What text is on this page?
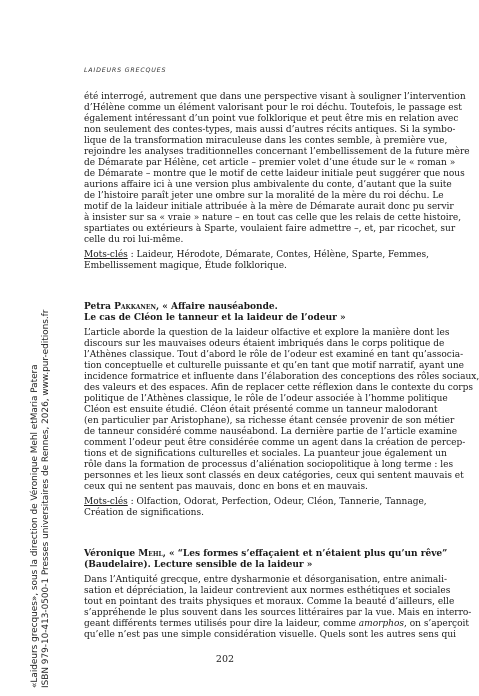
LAIDEURS GRECQUES
été interrogé, autrement que dans une perspective visant à souligner l’intervention
d’Hélène comme un élément valorisant pour le roi déchu. Toutefois, le passage est
également intéressant d’un point vue folklorique et peut être mis en relation avec
non seulement des contes-types, mais aussi d’autres récits antiques. Si la symbo-
lique de la transformation miraculeuse dans les contes semble, à première vue,
rejoindre les analyses traditionnelles concernant l’embellissement de la future mère
de Démarate par Hélène, cet article – premier volet d’une étude sur le « roman »
de Démarate – montre que le motif de cette laideur initiale peut suggérer que nous
aurions affaire ici à une version plus ambivalente du conte, d’autant que la suite
de l’histoire paraît jeter une ombre sur la moralité de la mère du roi déchu. Le
motif de la laideur initiale attribuée à la mère de Démarate aurait donc pu servir
à insister sur sa « vraie » nature – en tout cas celle que les relais de cette histoire,
spartiates ou extérieurs à Sparte, voulaient faire admettre –, et, par ricochet, sur
celle du roi lui-même.
Mots-clés : Laideur, Hérodote, Démarate, Contes, Hélène, Sparte, Femmes,
Embellissement magique, Étude folklorique.
Petra Pakkanen, « Affaire nauséabonde.
Le cas de Cléon le tanneur et la laideur de l’odeur »
L’article aborde la question de la laideur olfactive et explore la manière dont les
discours sur les mauvaises odeurs étaient imbriqués dans le corps politique de
l’Athènes classique. Tout d’abord le rôle de l’odeur est examiné en tant qu’associa-
tion conceptuelle et culturelle puissante et qu’en tant que motif narratif, ayant une
incidence formatrice et influente dans l’élaboration des conceptions des rôles sociaux,
des valeurs et des espaces. Afin de replacer cette réflexion dans le contexte du corps
politique de l’Athènes classique, le rôle de l’odeur associée à l’homme politique
Cléon est ensuite étudié. Cléon était présenté comme un tanneur malodorant
(en particulier par Aristophane), sa richesse étant censée provenir de son métier
de tanneur considéré comme nauséabond. La dernière partie de l’article examine
comment l’odeur peut être considérée comme un agent dans la création de percep-
tions et de significations culturelles et sociales. La puanteur joue également un
rôle dans la formation de processus d’aliénation sociopolitique à long terme : les
personnes et les lieux sont classés en deux catégories, ceux qui sentent mauvais et
ceux qui ne sentent pas mauvais, donc en bons et en mauvais.
Mots-clés : Olfaction, Odorat, Perfection, Odeur, Cléon, Tannerie, Tannage,
Création de significations.
Véronique Mehl, « “Les formes s’effaçaient et n’étaient plus qu’un rêve”
(Baudelaire). Lecture sensible de la laideur »
Dans l’Antiquité grecque, entre dysharmonie et désorganisation, entre animali-
sation et dépréciation, la laideur contrevient aux normes esthétiques et sociales
tout en pointant des traits physiques et moraux. Comme la beauté d’ailleurs, elle
s’appréhende le plus souvent dans les sources littéraires par la vue. Mais en interro-
geant différents termes utilisés pour dire la laideur, comme amorphos, on s’aperçoit
qu’elle n’est pas une simple considération visuelle. Quels sont les autres sens qui
202
«Laideurs grecques», sous la direction de Véronique Mehl etMaria Patera ISBN 979-10-413-0500-1 Presses universitaires de Rennes, 2026, www.pur-editions.fr
